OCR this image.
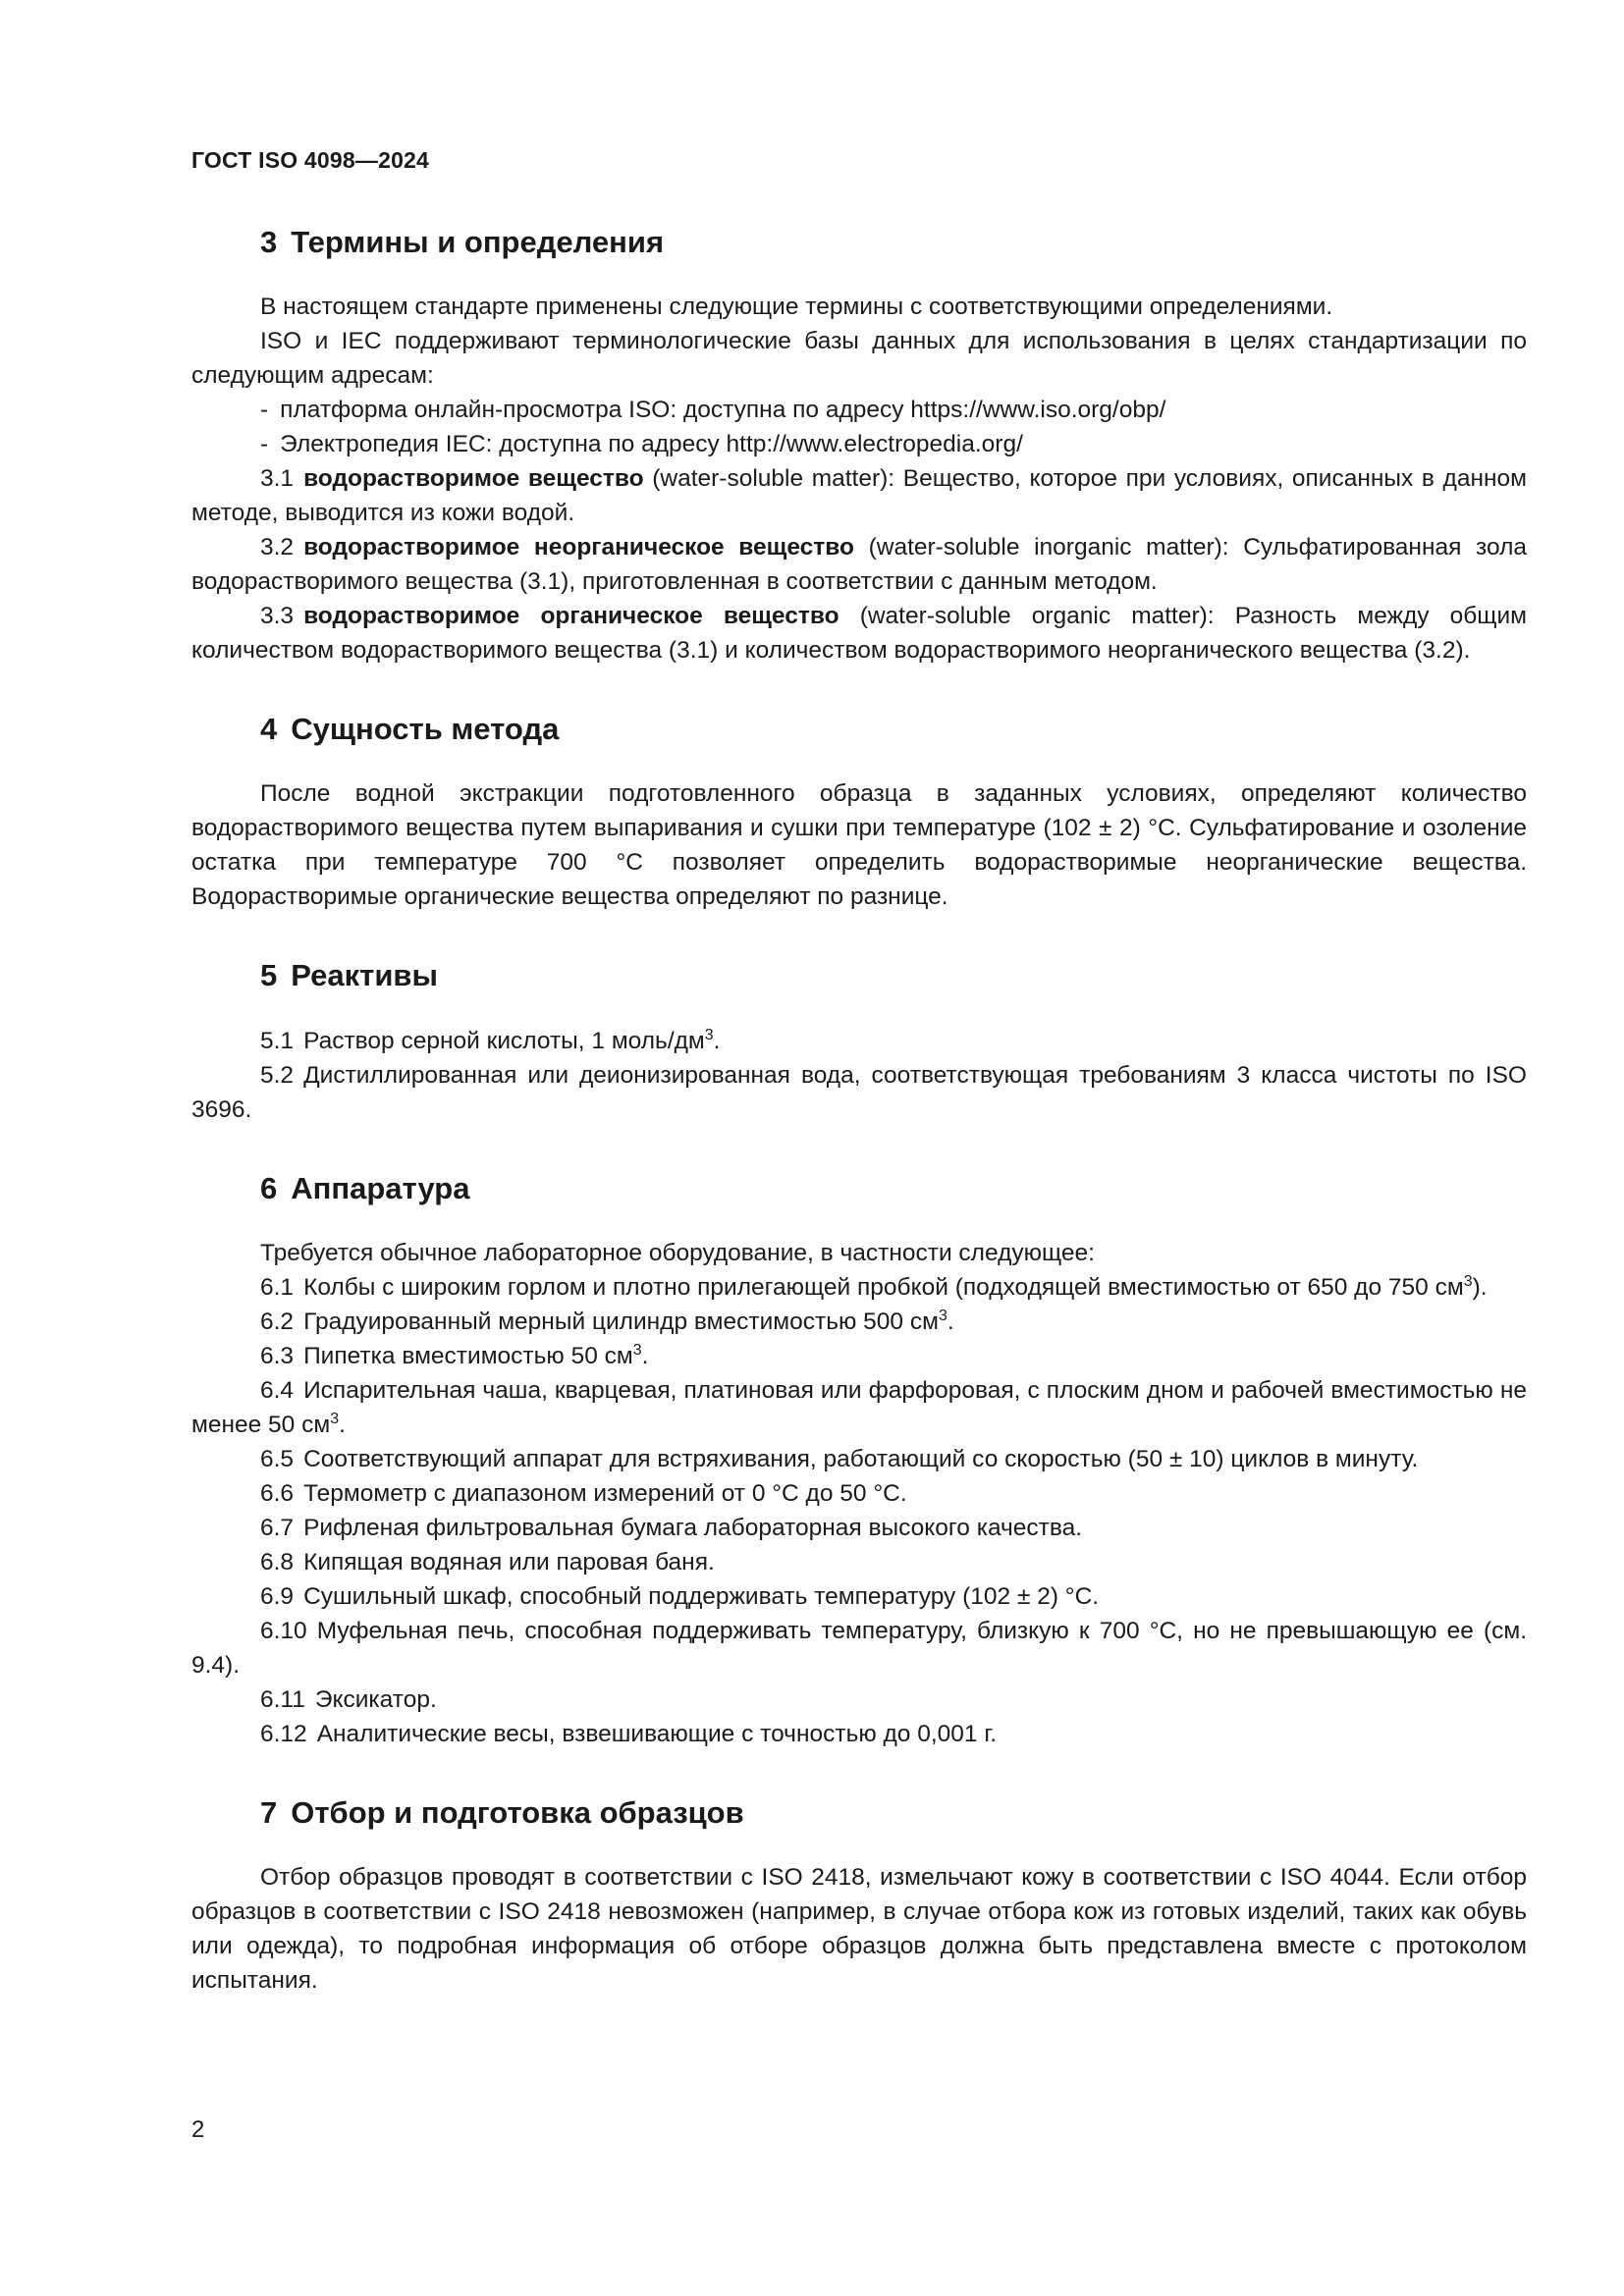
ГОСТ ISO 4098—2024
3 Термины и определения

В настоящем стандарте применены следующие термины с соответствующими определениями.

ISO и IEC поддерживают терминологические базы данных для использования в целях стандартизации по следующим адресам:

- платформа онлайн-просмотра ISO: доступна по адресу https://www.iso.org/obp/

- Электропедия IEC: доступна по адресу http://www.electropedia.org/

3.1 водорастворимое вещество (water-soluble matter): Вещество, которое при условиях, описанных в данном методе, выводится из кожи водой.

3.2 водорастворимое неорганическое вещество (water-soluble inorganic matter): Сульфатированная зола водорастворимого вещества (3.1), приготовленная в соответствии с данным методом.

3.3 водорастворимое органическое вещество (water-soluble organic matter): Разность между общим количеством водорастворимого вещества (3.1) и количеством водорастворимого неорганического вещества (3.2).

4 Сущность метода

После водной экстракции подготовленного образца в заданных условиях, определяют количество водорастворимого вещества путем выпаривания и сушки при температуре (102 ± 2) °С. Сульфатирование и озоление остатка при температуре 700 °С позволяет определить водорастворимые неорганические вещества. Водорастворимые органические вещества определяют по разнице.

5 Реактивы

5.1 Раствор серной кислоты, 1 моль/$дм^3$.

5.2 Дистиллированная или деионизированная вода, соответствующая требованиям 3 класса чистоты по ISO 3696.

6 Аппаратура

Требуется обычное лабораторное оборудование, в частности следующее:

6.1 Колбы с широким горлом и плотно прилегающей пробкой (подходящей вместимостью от 650 до 750 $см^3$).

6.2 Градуированный мерный цилиндр вместимостью 500 $см^3$.

6.3 Пипетка вместимостью 50 $см^3$.

6.4 Испарительная чаша, кварцевая, платиновая или фарфоровая, с плоским дном и рабочей вместимостью не менее 50 $см^3$.

6.5 Соответствующий аппарат для встряхивания, работающий со скоростью (50 ± 10) циклов в минуту.

6.6 Термометр с диапазоном измерений от 0 °С до 50 °С.

6.7 Рифленая фильтровальная бумага лабораторная высокого качества.

6.8 Кипящая водяная или паровая баня.

6.9 Сушильный шкаф, способный поддерживать температуру (102 ± 2) °С.

6.10 Муфельная печь, способная поддерживать температуру, близкую к 700 °С, но не превышающую ее (см. 9.4).

6.11 Эксикатор.

6.12 Аналитические весы, взвешивающие с точностью до 0,001 г.

7 Отбор и подготовка образцов

Отбор образцов проводят в соответствии с ISO 2418, измельчают кожу в соответствии с ISO 4044. Если отбор образцов в соответствии с ISO 2418 невозможен (например, в случае отбора кож из готовых изделий, таких как обувь или одежда), то подробная информация об отборе образцов должна быть представлена вместе с протоколом испытания.

2
